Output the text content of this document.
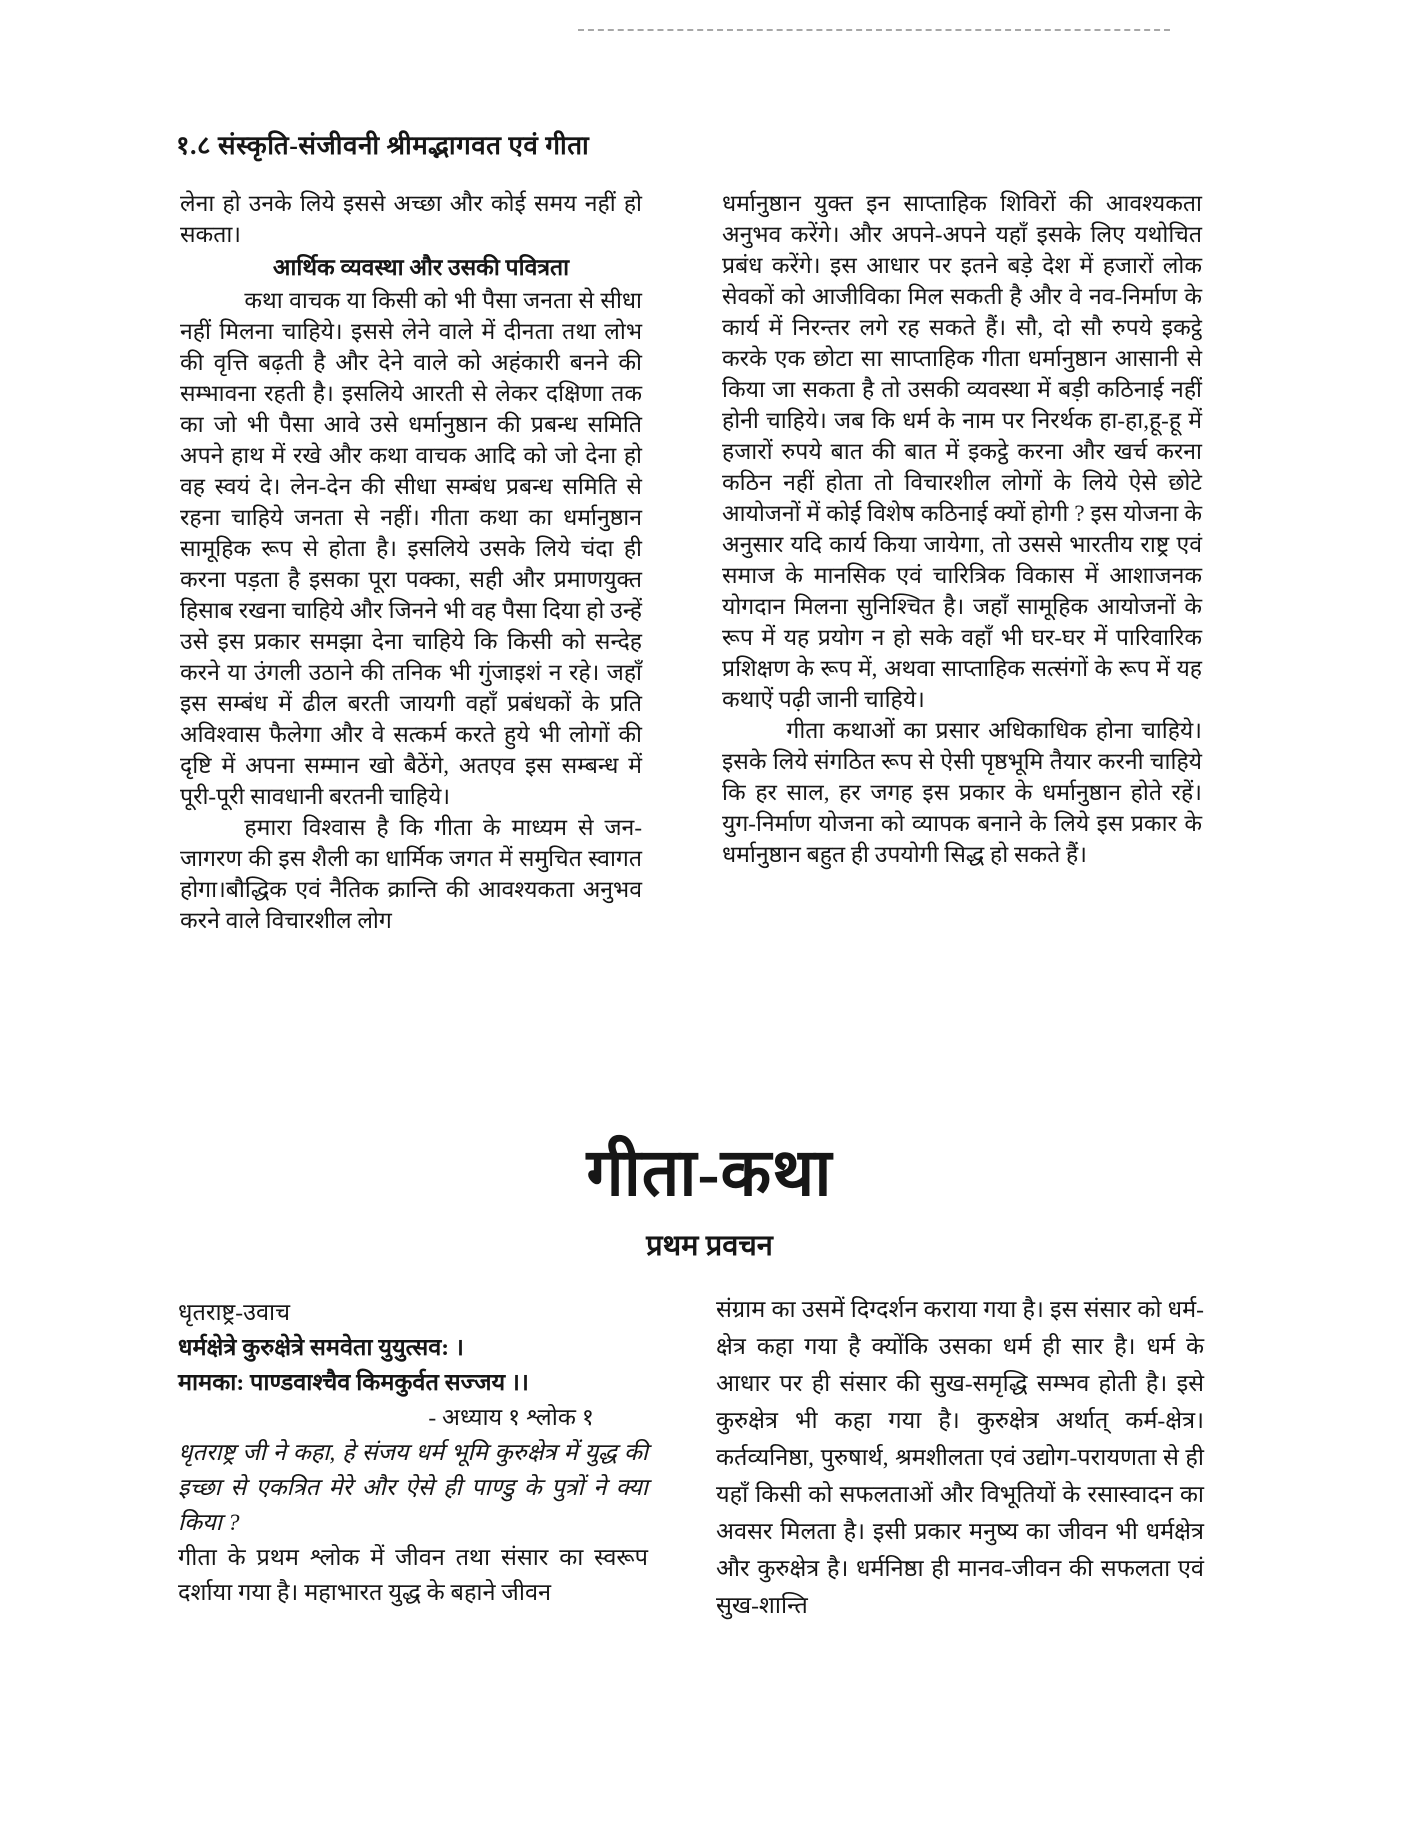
१.८ संस्कृति-संजीवनी श्रीमद्भागवत एवं गीता

लेना हो उनके लिये इससे अच्छा और कोई समय नहीं हो सकता।

आर्थिक व्यवस्था और उसकी पवित्रता

कथा वाचक या किसी को भी पैसा जनता से सीधा नहीं मिलना चाहिये। इससे लेने वाले में दीनता तथा लोभ की वृत्ति बढ़ती है और देने वाले को अहंकारी बनने की सम्भावना रहती है। इसलिये आरती से लेकर दक्षिणा तक का जो भी पैसा आवे उसे धर्मानुष्ठान की प्रबन्ध समिति अपने हाथ में रखे और कथा वाचक आदि को जो देना हो वह स्वयं दे। लेन-देन की सीधा सम्बंध प्रबन्ध समिति से रहना चाहिये जनता से नहीं। गीता कथा का धर्मानुष्ठान सामूहिक रूप से होता है। इसलिये उसके लिये चंदा ही करना पड़ता है इसका पूरा पक्का, सही और प्रमाणयुक्त हिसाब रखना चाहिये और जिनने भी वह पैसा दिया हो उन्हें उसे इस प्रकार समझा देना चाहिये कि किसी को सन्देह करने या उंगली उठाने की तनिक भी गुंजाइशं न रहे। जहाँ इस सम्बंध में ढील बरती जायगी वहाँ प्रबंधकों के प्रति अविश्वास फैलेगा और वे सत्कर्म करते हुये भी लोगों की दृष्टि में अपना सम्मान खो बैठेंगे, अतएव इस सम्बन्ध में पूरी-पूरी सावधानी बरतनी चाहिये।

हमारा विश्वास है कि गीता के माध्यम से जन-जागरण की इस शैली का धार्मिक जगत में समुचित स्वागत होगा।बौद्धिक एवं नैतिक क्रान्ति की आवश्यकता अनुभव करने वाले विचारशील लोग

धर्मानुष्ठान युक्त इन साप्ताहिक शिविरों की आवश्यकता अनुभव करेंगे। और अपने-अपने यहाँ इसके लिए यथोचित प्रबंध करेंगे। इस आधार पर इतने बड़े देश में हजारों लोक सेवकों को आजीविका मिल सकती है और वे नव-निर्माण के कार्य में निरन्तर लगे रह सकते हैं। सौ, दो सौ रुपये इकट्ठे करके एक छोटा सा साप्ताहिक गीता धर्मानुष्ठान आसानी से किया जा सकता है तो उसकी व्यवस्था में बड़ी कठिनाई नहीं होनी चाहिये। जब कि धर्म के नाम पर निरर्थक हा-हा,हू-हू में हजारों रुपये बात की बात में इकट्ठे करना और खर्च करना कठिन नहीं होता तो विचारशील लोगों के लिये ऐसे छोटे आयोजनों में कोई विशेष कठिनाई क्यों होगी ? इस योजना के अनुसार यदि कार्य किया जायेगा, तो उससे भारतीय राष्ट्र एवं समाज के मानसिक एवं चारित्रिक विकास में आशाजनक योगदान मिलना सुनिश्चित है। जहाँ सामूहिक आयोजनों के रूप में यह प्रयोग न हो सके वहाँ भी घर-घर में पारिवारिक प्रशिक्षण के रूप में, अथवा साप्ताहिक सत्संगों के रूप में यह कथाऐं पढ़ी जानी चाहिये।

गीता कथाओं का प्रसार अधिकाधिक होना चाहिये। इसके लिये संगठित रूप से ऐसी पृष्ठभूमि तैयार करनी चाहिये कि हर साल, हर जगह इस प्रकार के धर्मानुष्ठान होते रहें। युग-निर्माण योजना को व्यापक बनाने के लिये इस प्रकार के धर्मानुष्ठान बहुत ही उपयोगी सिद्ध हो सकते हैं।

गीता-कथा
प्रथम प्रवचन
धृतराष्ट्र-उवाच
धर्मक्षेत्रे कुरुक्षेत्रे समवेता युयुत्सव: ।
मामका: पाण्डवाश्चैव किमकुर्वत सज्जय ।।
- अध्याय १ श्लोक १

धृतराष्ट्र जी ने कहा, हे संजय धर्म भूमि कुरुक्षेत्र में युद्ध की इच्छा से एकत्रित मेरे और ऐसे ही पाण्डु के पुत्रों ने क्या किया ?

गीता के प्रथम श्लोक में जीवन तथा संसार का स्वरूप दर्शाया गया है। महाभारत युद्ध के बहाने जीवन

संग्राम का उसमें दिग्दर्शन कराया गया है। इस संसार को धर्म-क्षेत्र कहा गया है क्योंकि उसका धर्म ही सार है। धर्म के आधार पर ही संसार की सुख-समृद्धि सम्भव होती है। इसे कुरुक्षेत्र भी कहा गया है। कुरुक्षेत्र अर्थात् कर्म-क्षेत्र। कर्तव्यनिष्ठा, पुरुषार्थ, श्रमशीलता एवं उद्योग-परायणता से ही यहाँ किसी को सफलताओं और विभूतियों के रसास्वादन का अवसर मिलता है। इसी प्रकार मनुष्य का जीवन भी धर्मक्षेत्र और कुरुक्षेत्र है। धर्मनिष्ठा ही मानव-जीवन की सफलता एवं सुख-शान्ति
